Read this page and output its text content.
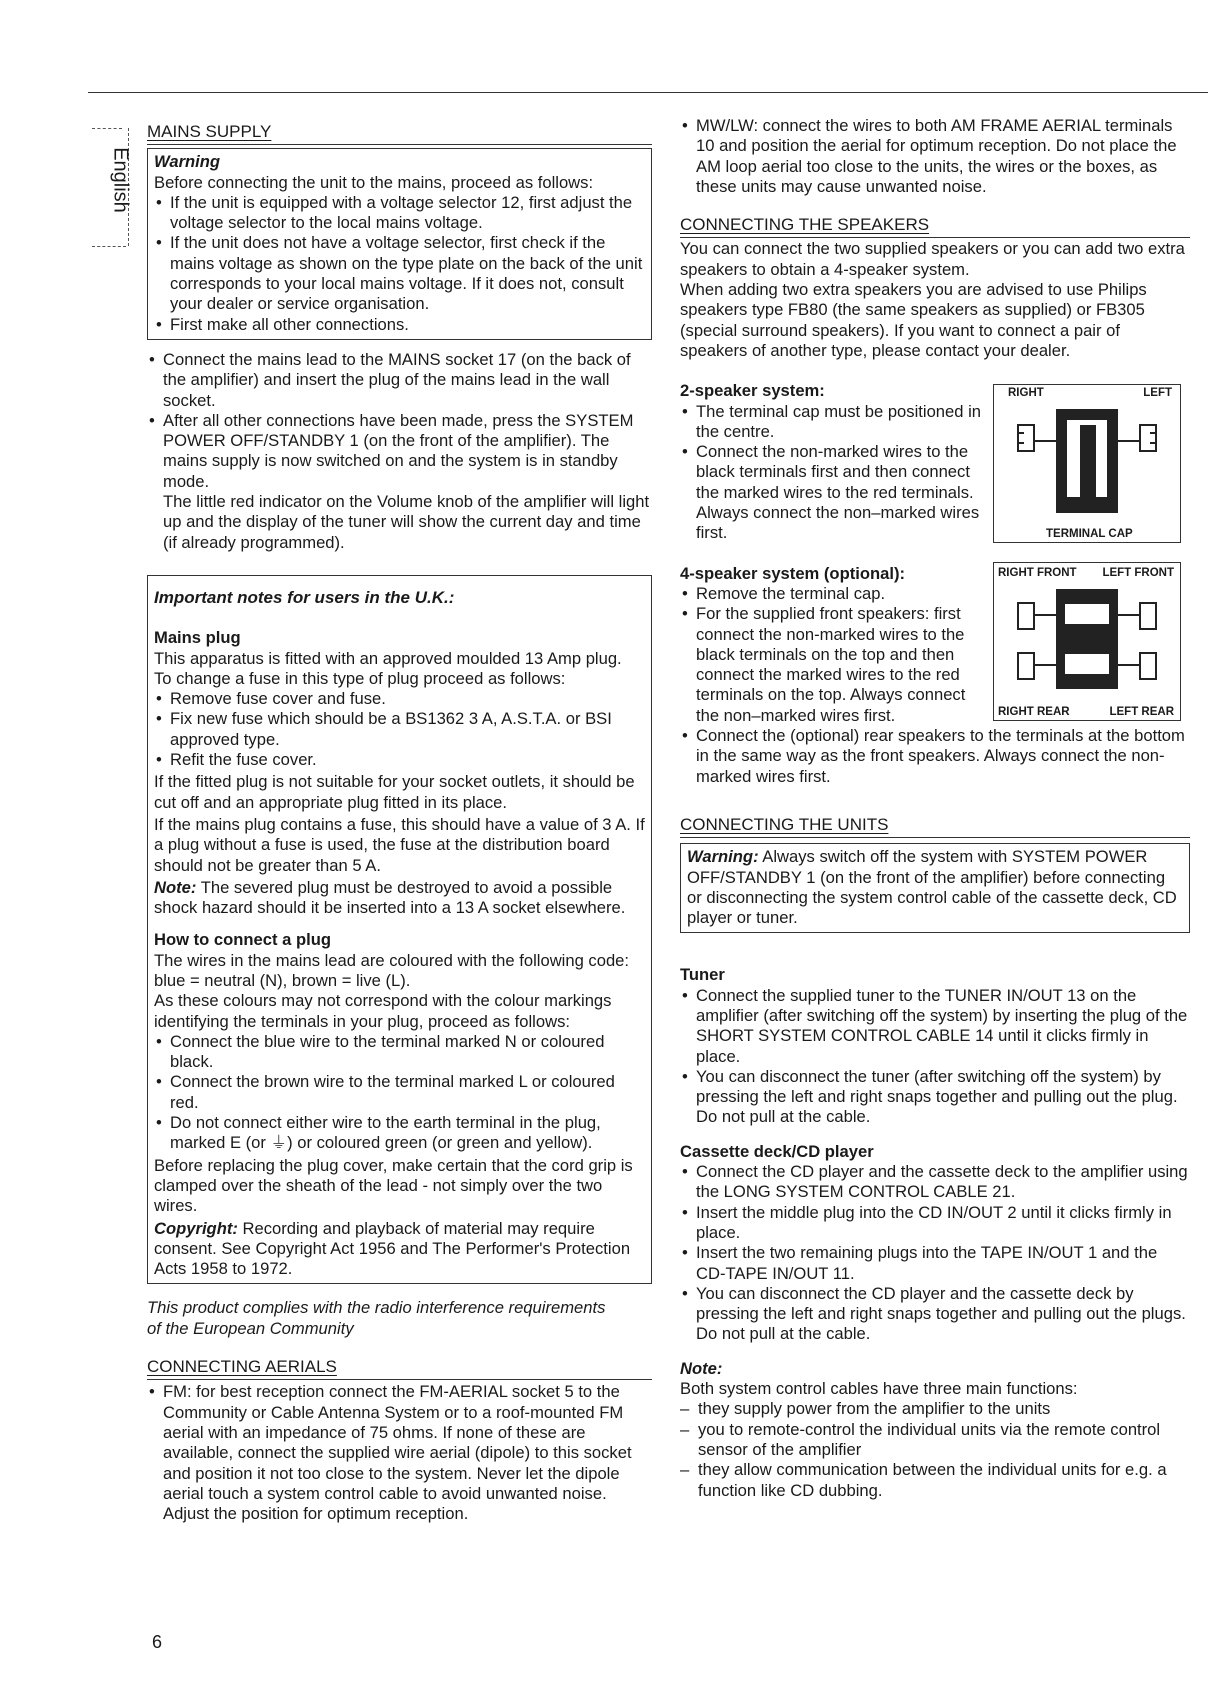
English
MAINS SUPPLY

Warning

Before connecting the unit to the mains, proceed as follows:

• If the unit is equipped with a voltage selector 12, first adjust the voltage selector to the local mains voltage.
• If the unit does not have a voltage selector, first check if the mains voltage as shown on the type plate on the back of the unit corresponds to your local mains voltage. If it does not, consult your dealer or service organisation.
• First make all other connections.
• Connect the mains lead to the MAINS socket 17 (on the back of the amplifier) and insert the plug of the mains lead in the wall socket.
• After all other connections have been made, press the SYSTEM POWER OFF/STANDBY 1 (on the front of the amplifier). The mains supply is now switched on and the system is in standby mode.

The little red indicator on the Volume knob of the amplifier will light up and the display of the tuner will show the current day and time (if already programmed).

Important notes for users in the U.K.:

Mains plug

This apparatus is fitted with an approved moulded 13 Amp plug.

To change a fuse in this type of plug proceed as follows:

• Remove fuse cover and fuse.
• Fix new fuse which should be a BS1362 3 A, A.S.T.A. or BSI approved type.
• Refit the fuse cover.

If the fitted plug is not suitable for your socket outlets, it should be cut off and an appropriate plug fitted in its place.

If the mains plug contains a fuse, this should have a value of 3 A. If a plug without a fuse is used, the fuse at the distribution board should not be greater than 5 A.

Note: The severed plug must be destroyed to avoid a possible shock hazard should it be inserted into a 13 A socket elsewhere.

How to connect a plug

The wires in the mains lead are coloured with the following code: blue = neutral (N), brown = live (L).

As these colours may not correspond with the colour markings identifying the terminals in your plug, proceed as follows:

• Connect the blue wire to the terminal marked N or coloured black.
• Connect the brown wire to the terminal marked L or coloured red.
• Do not connect either wire to the earth terminal in the plug, marked E (or ⏚) or coloured green (or green and yellow).

Before replacing the plug cover, make certain that the cord grip is clamped over the sheath of the lead - not simply over the two wires.

Copyright: Recording and playback of material may require consent. See Copyright Act 1956 and The Performer's Protection Acts 1958 to 1972.

This product complies with the radio interference requirements of the European Community

CONNECTING AERIALS
• FM: for best reception connect the FM-AERIAL socket 5 to the Community or Cable Antenna System or to a roof-mounted FM aerial with an impedance of 75 ohms. If none of these are available, connect the supplied wire aerial (dipole) to this socket and position it not too close to the system. Never let the dipole aerial touch a system control cable to avoid unwanted noise. Adjust the position for optimum reception.
• MW/LW: connect the wires to both AM FRAME AERIAL terminals 10 and position the aerial for optimum reception. Do not place the AM loop aerial too close to the units, the wires or the boxes, as these units may cause unwanted noise.
CONNECTING THE SPEAKERS

You can connect the two supplied speakers or you can add two extra speakers to obtain a 4-speaker system.

When adding two extra speakers you are advised to use Philips speakers type FB80 (the same speakers as supplied) or FB305 (special surround speakers). If you want to connect a pair of speakers of another type, please contact your dealer.

2-speaker system:

• The terminal cap must be positioned in the centre.
• Connect the non-marked wires to the black terminals first and then connect the marked wires to the red terminals. Always connect the non–marked wires first.

4-speaker system (optional):

• Remove the terminal cap.
• For the supplied front speakers: first connect the non-marked wires to the black terminals on the top and then connect the marked wires to the red terminals on the top. Always connect the non–marked wires first.
• Connect the (optional) rear speakers to the terminals at the bottom in the same way as the front speakers. Always connect the non-marked wires first.
CONNECTING THE UNITS

Warning: Always switch off the system with SYSTEM POWER OFF/STANDBY 1 (on the front of the amplifier) before connecting or disconnecting the system control cable of the cassette deck, CD player or tuner.

Tuner

• Connect the supplied tuner to the TUNER IN/OUT 13 on the amplifier (after switching off the system) by inserting the plug of the SHORT SYSTEM CONTROL CABLE 14 until it clicks firmly in place.
• You can disconnect the tuner (after switching off the system) by pressing the left and right snaps together and pulling out the plug. Do not pull at the cable.

Cassette deck/CD player

• Connect the CD player and the cassette deck to the amplifier using the LONG SYSTEM CONTROL CABLE 21.
• Insert the middle plug into the CD IN/OUT 2 until it clicks firmly in place.
• Insert the two remaining plugs into the TAPE IN/OUT 1 and the CD-TAPE IN/OUT 11.
• You can disconnect the CD player and the cassette deck by pressing the left and right snaps together and pulling out the plugs. Do not pull at the cable.

Note:

Both system control cables have three main functions:

– they supply power from the amplifier to the units
– you to remote-control the individual units via the remote control sensor of the amplifier
– they allow communication between the individual units for e.g. a function like CD dubbing.
RIGHT	LEFT
TERMINAL CAP
RIGHT FRONT LEFT FRONT
RIGHT REAR	LEFT REAR
6
